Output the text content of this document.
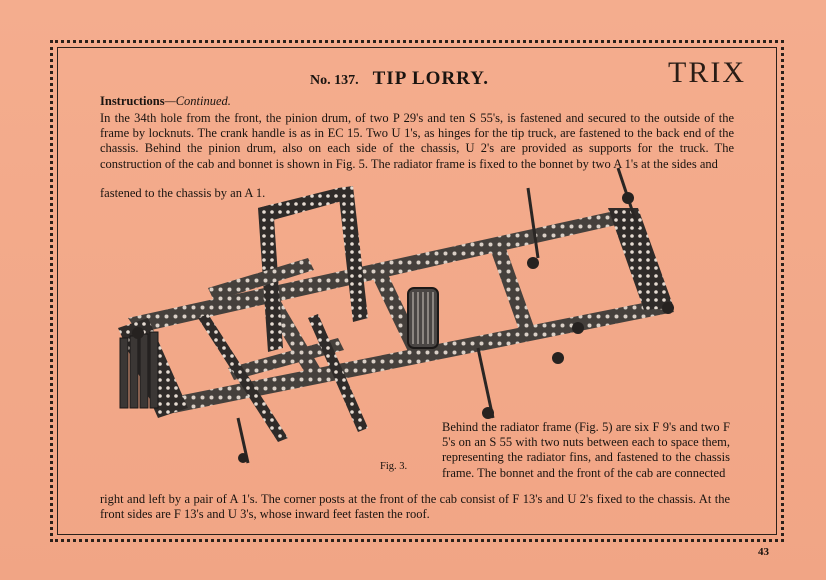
No. 137. TIP LORRY.	TRIX
Instructions—Continued.

In the 34th hole from the front, the pinion drum, of two P 29's and ten S 55's, is fastened and secured to the outside of the frame by locknuts. The crank handle is as in EC 15. Two U 1's, as hinges for the tip truck, are fastened to the back end of the chassis. Behind the pinion drum, also on each side of the chassis, U 2's are provided as supports for the truck. The construction of the cab and bonnet is shown in Fig. 5. The radiator frame is fixed to the bonnet by two A 1's at the sides and

fastened to the chassis by an A 1.

Behind the radiator frame (Fig. 5) are six F 9's and two F 5's on an S 55 with two nuts between each to space them, representing the radiator fins, and fastened to the chassis frame. The bonnet and the front of the cab are connected

Fig. 3.

right and left by a pair of A 1's. The corner posts at the front of the cab consist of F 13's and U 2's fixed to the chassis. At the front sides are F 13's and U 3's, whose inward feet fasten the roof.

43
